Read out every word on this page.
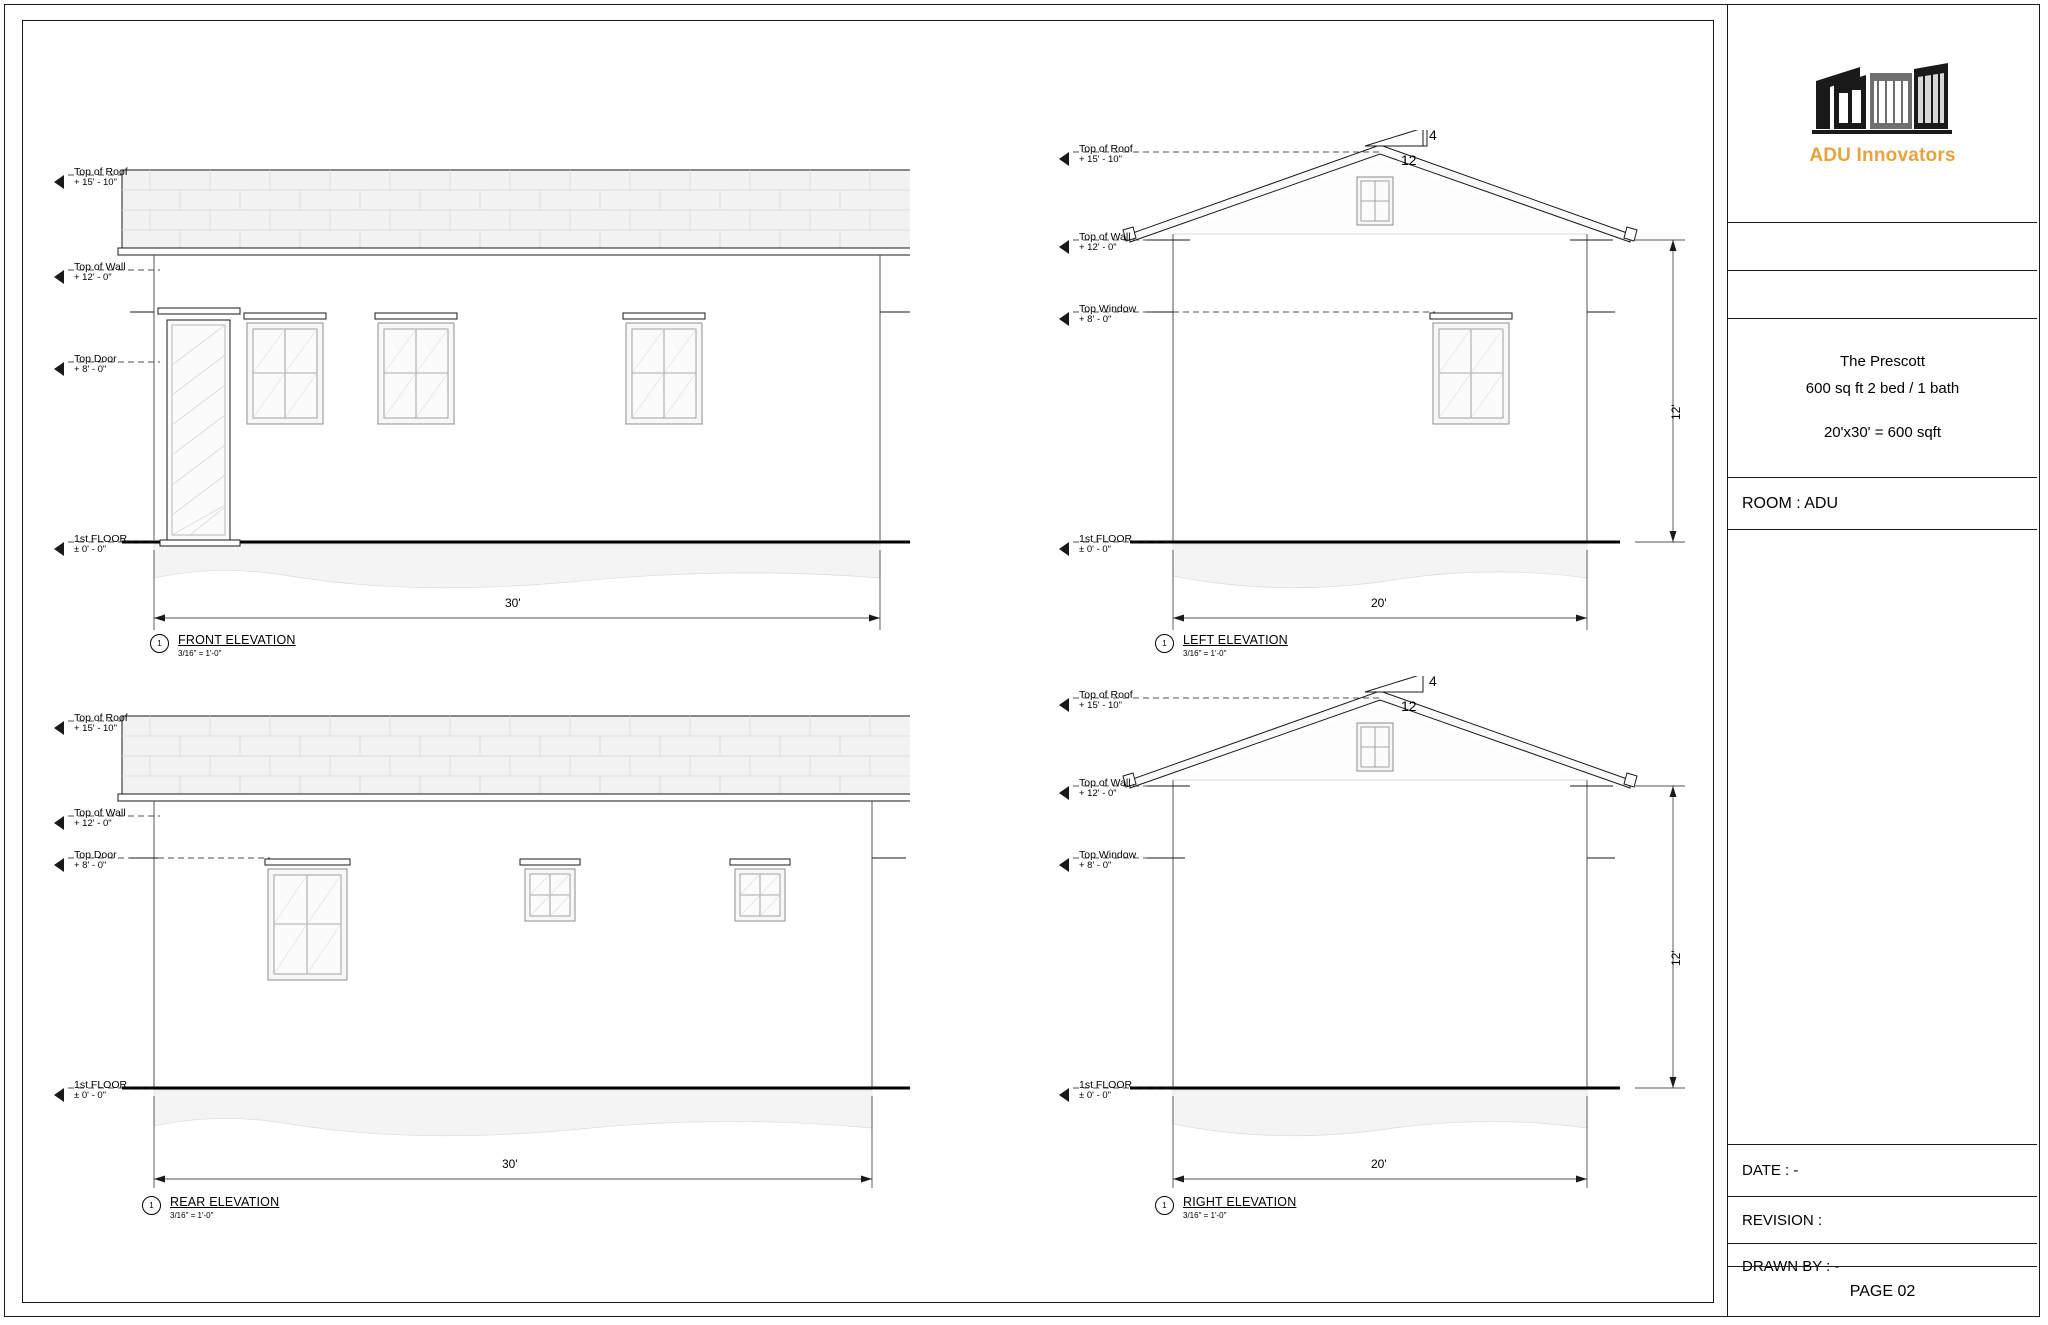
Top of Roof
+ 15' - 10"
Top of Wall
+ 12' - 0"
Top Door
+ 8' - 0"
1st FLOOR
± 0' - 0"
30'
1	FRONT ELEVATION
3/16" = 1'-0"
Top of Roof
+ 15' - 10"
Top of Wall
+ 12' - 0"
Top Window
+ 8' - 0"
1st FLOOR
± 0' - 0"
4
12
12'
20'
1	LEFT ELEVATION
3/16" = 1'-0"
Top of Roof
+ 15' - 10"
Top of Wall
+ 12' - 0"
Top Door
+ 8' - 0"
1st FLOOR
± 0' - 0"
30'
1	REAR ELEVATION
3/16" = 1'-0"
Top of Roof
+ 15' - 10"
Top of Wall
+ 12' - 0"
Top Window
+ 8' - 0"
1st FLOOR
± 0' - 0"
4
12
12'
20'
1	RIGHT ELEVATION
3/16" = 1'-0"
ADU Innovators
The Prescott
600 sq ft 2 bed / 1 bath
20'x30' = 600 sqft
ROOM : ADU
DATE : -
REVISION :
DRAWN BY : -
PAGE 02
